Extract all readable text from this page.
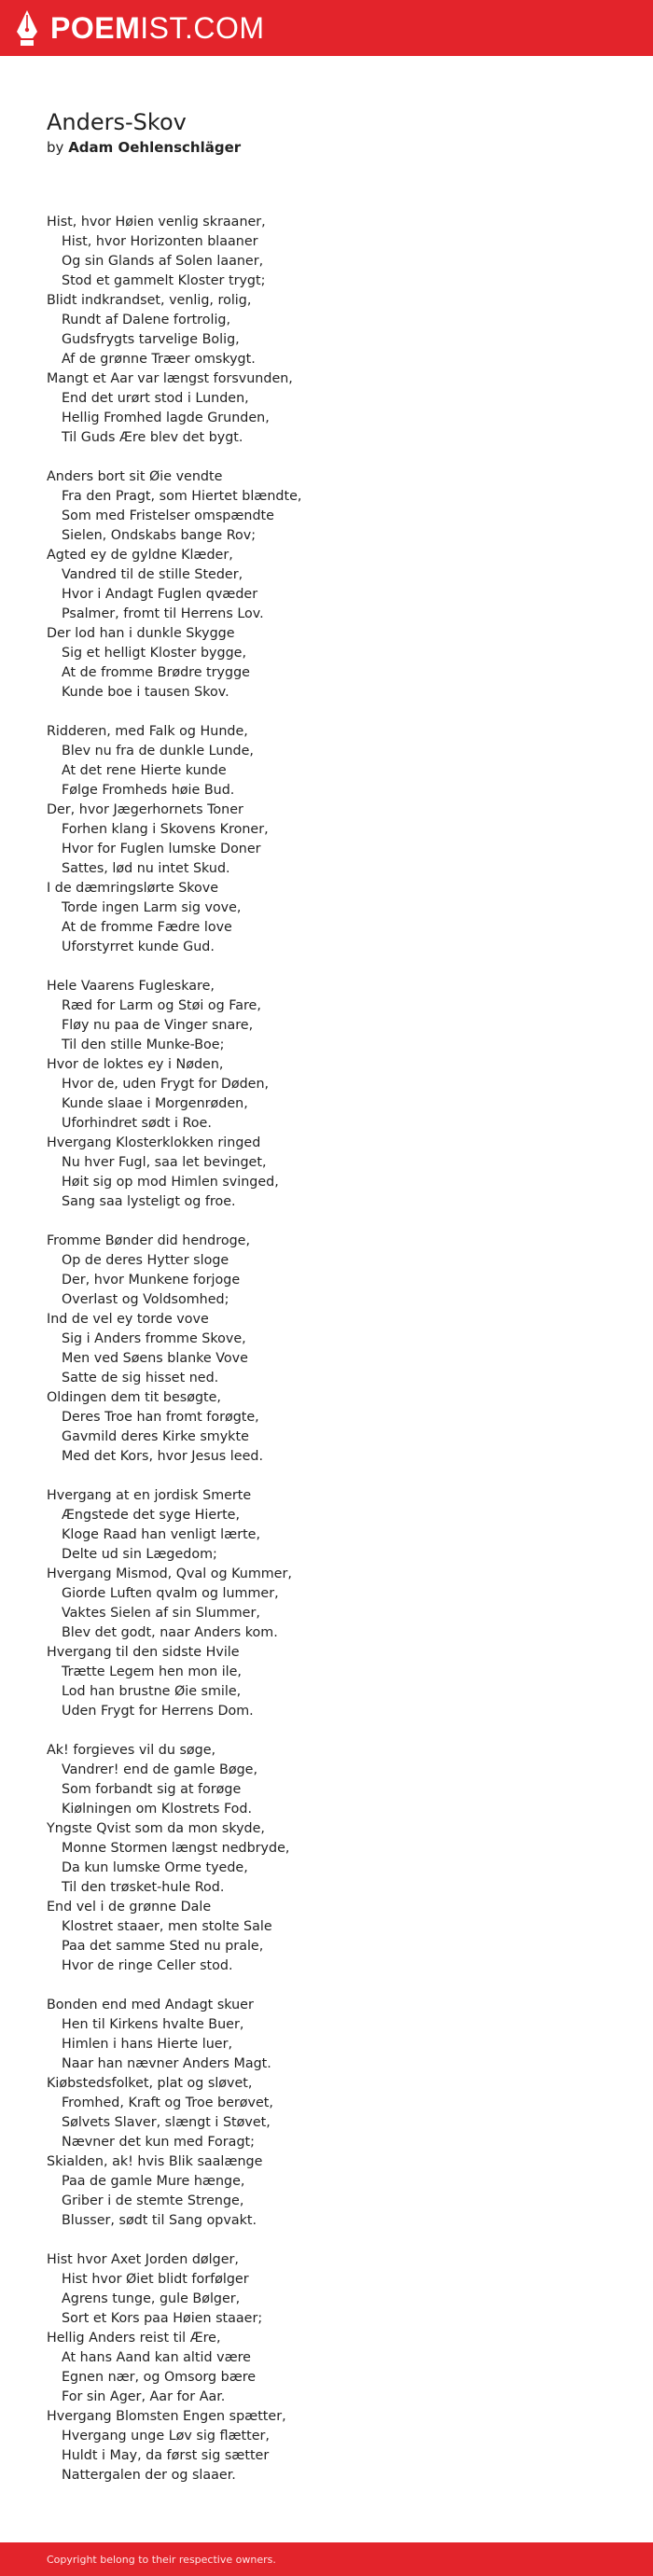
POEMIST.COM
Anders-Skov
by Adam Oehlenschläger
Hist, hvor Høien venlig skraaner,
Hist, hvor Horizonten blaaner
Og sin Glands af Solen laaner,
Stod et gammelt Kloster trygt;
Blidt indkrandset, venlig, rolig,
Rundt af Dalene fortrolig,
Gudsfrygts tarvelige Bolig,
Af de grønne Træer omskygt.
Mangt et Aar var længst forsvunden,
End det urørt stod i Lunden,
Hellig Fromhed lagde Grunden,
Til Guds Ære blev det bygt.
Anders bort sit Øie vendte
Fra den Pragt, som Hiertet blændte,
Som med Fristelser omspændte
Sielen, Ondskabs bange Rov;
Agted ey de gyldne Klæder,
Vandred til de stille Steder,
Hvor i Andagt Fuglen qvæder
Psalmer, fromt til Herrens Lov.
Der lod han i dunkle Skygge
Sig et helligt Kloster bygge,
At de fromme Brødre trygge
Kunde boe i tausen Skov.
Ridderen, med Falk og Hunde,
Blev nu fra de dunkle Lunde,
At det rene Hierte kunde
Følge Fromheds høie Bud.
Der, hvor Jægerhornets Toner
Forhen klang i Skovens Kroner,
Hvor for Fuglen lumske Doner
Sattes, lød nu intet Skud.
I de dæmringslørte Skove
Torde ingen Larm sig vove,
At de fromme Fædre love
Uforstyrret kunde Gud.
Hele Vaarens Fugleskare,
Ræd for Larm og Støi og Fare,
Fløy nu paa de Vinger snare,
Til den stille Munke-Boe;
Hvor de loktes ey i Nøden,
Hvor de, uden Frygt for Døden,
Kunde slaae i Morgenrøden,
Uforhindret sødt i Roe.
Hvergang Klosterklokken ringed
Nu hver Fugl, saa let bevinget,
Høit sig op mod Himlen svinged,
Sang saa lysteligt og froe.
Fromme Bønder did hendroge,
Op de deres Hytter sloge
Der, hvor Munkene forjoge
Overlast og Voldsomhed;
Ind de vel ey torde vove
Sig i Anders fromme Skove,
Men ved Søens blanke Vove
Satte de sig hisset ned.
Oldingen dem tit besøgte,
Deres Troe han fromt forøgte,
Gavmild deres Kirke smykte
Med det Kors, hvor Jesus leed.
Hvergang at en jordisk Smerte
Ængstede det syge Hierte,
Kloge Raad han venligt lærte,
Delte ud sin Lægedom;
Hvergang Mismod, Qval og Kummer,
Giorde Luften qvalm og lummer,
Vaktes Sielen af sin Slummer,
Blev det godt, naar Anders kom.
Hvergang til den sidste Hvile
Trætte Legem hen mon ile,
Lod han brustne Øie smile,
Uden Frygt for Herrens Dom.
Ak! forgieves vil du søge,
Vandrer! end de gamle Bøge,
Som forbandt sig at forøge
Kiølningen om Klostrets Fod.
Yngste Qvist som da mon skyde,
Monne Stormen længst nedbryde,
Da kun lumske Orme tyede,
Til den trøsket-hule Rod.
End vel i de grønne Dale
Klostret staaer, men stolte Sale
Paa det samme Sted nu prale,
Hvor de ringe Celler stod.
Bonden end med Andagt skuer
Hen til Kirkens hvalte Buer,
Himlen i hans Hierte luer,
Naar han nævner Anders Magt.
Kiøbstedsfolket, plat og sløvet,
Fromhed, Kraft og Troe berøvet,
Sølvets Slaver, slængt i Støvet,
Nævner det kun med Foragt;
Skialden, ak! hvis Blik saalænge
Paa de gamle Mure hænge,
Griber i de stemte Strenge,
Blusser, sødt til Sang opvakt.
Hist hvor Axet Jorden dølger,
Hist hvor Øiet blidt forfølger
Agrens tunge, gule Bølger,
Sort et Kors paa Høien staaer;
Hellig Anders reist til Ære,
At hans Aand kan altid være
Egnen nær, og Omsorg bære
For sin Ager, Aar for Aar.
Hvergang Blomsten Engen spætter,
Hvergang unge Løv sig flætter,
Huldt i May, da først sig sætter
Nattergalen der og slaaer.
Copyright belong to their respective owners.
